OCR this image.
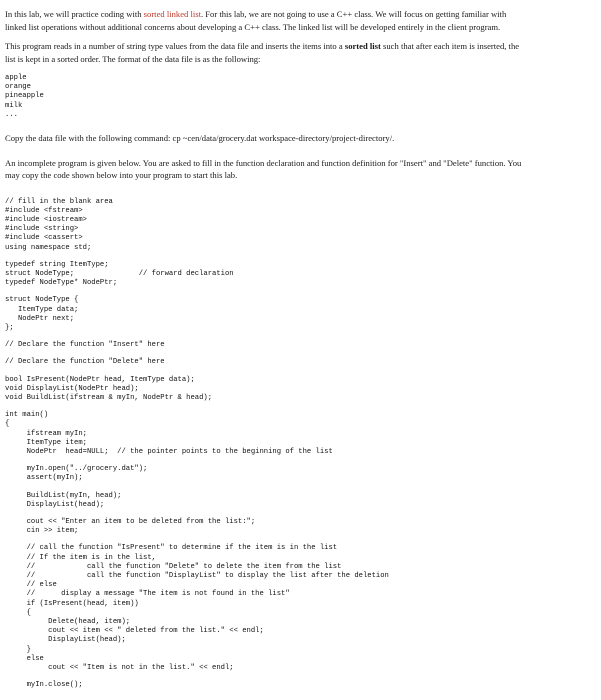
In this lab, we will practice coding with sorted linked list. For this lab, we are not going to use a C++ class. We will focus on getting familiar with

linked list operations without additional concerns about developing a C++ class. The linked list will be developed entirely in the client program.

This program reads in a number of string type values from the data file and inserts the items into a sorted list such that after each item is inserted, the

list is kept in a sorted order. The format of the data file is as the following:

apple
orange
pineapple
milk
...

Copy the data file with the following command: cp ~cen/data/grocery.dat workspace-directory/project-directory/.

An incomplete program is given below. You are asked to fill in the function declaration and function definition for "Insert" and "Delete" function. You

may copy the code shown below into your program to start this lab.

// fill in the blank area
#include <fstream>
#include <iostream>
#include <string>
#include <cassert>
using namespace std;
typedef string ItemType;
struct NodeType;               // forward declaration
typedef NodeType* NodePtr;
struct NodeType {
ItemType data;
NodePtr next;
};
// Declare the function "Insert" here
// Declare the function "Delete" here
bool IsPresent(NodePtr head, ItemType data);
void DisplayList(NodePtr head);
void BuildList(ifstream & myIn, NodePtr & head);
int main()
{
ifstream myIn;
ItemType item;
NodePtr  head=NULL;  // the pointer points to the beginning of the list
myIn.open("../grocery.dat");
assert(myIn);
BuildList(myIn, head);
DisplayList(head);
cout << "Enter an item to be deleted from the list:";
cin >> item;
// call the function "IsPresent" to determine if the item is in the list
// If the item is in the list,
//            call the function "Delete" to delete the item from the list
//            call the function "DisplayList" to display the list after the deletion
// else
//      display a message "The item is not found in the list"
if (IsPresent(head, item))
{
Delete(head, item);
cout << item << " deleted from the list." << endl;
DisplayList(head);
}
else
cout << "Item is not in the list." << endl;
myIn.close();
